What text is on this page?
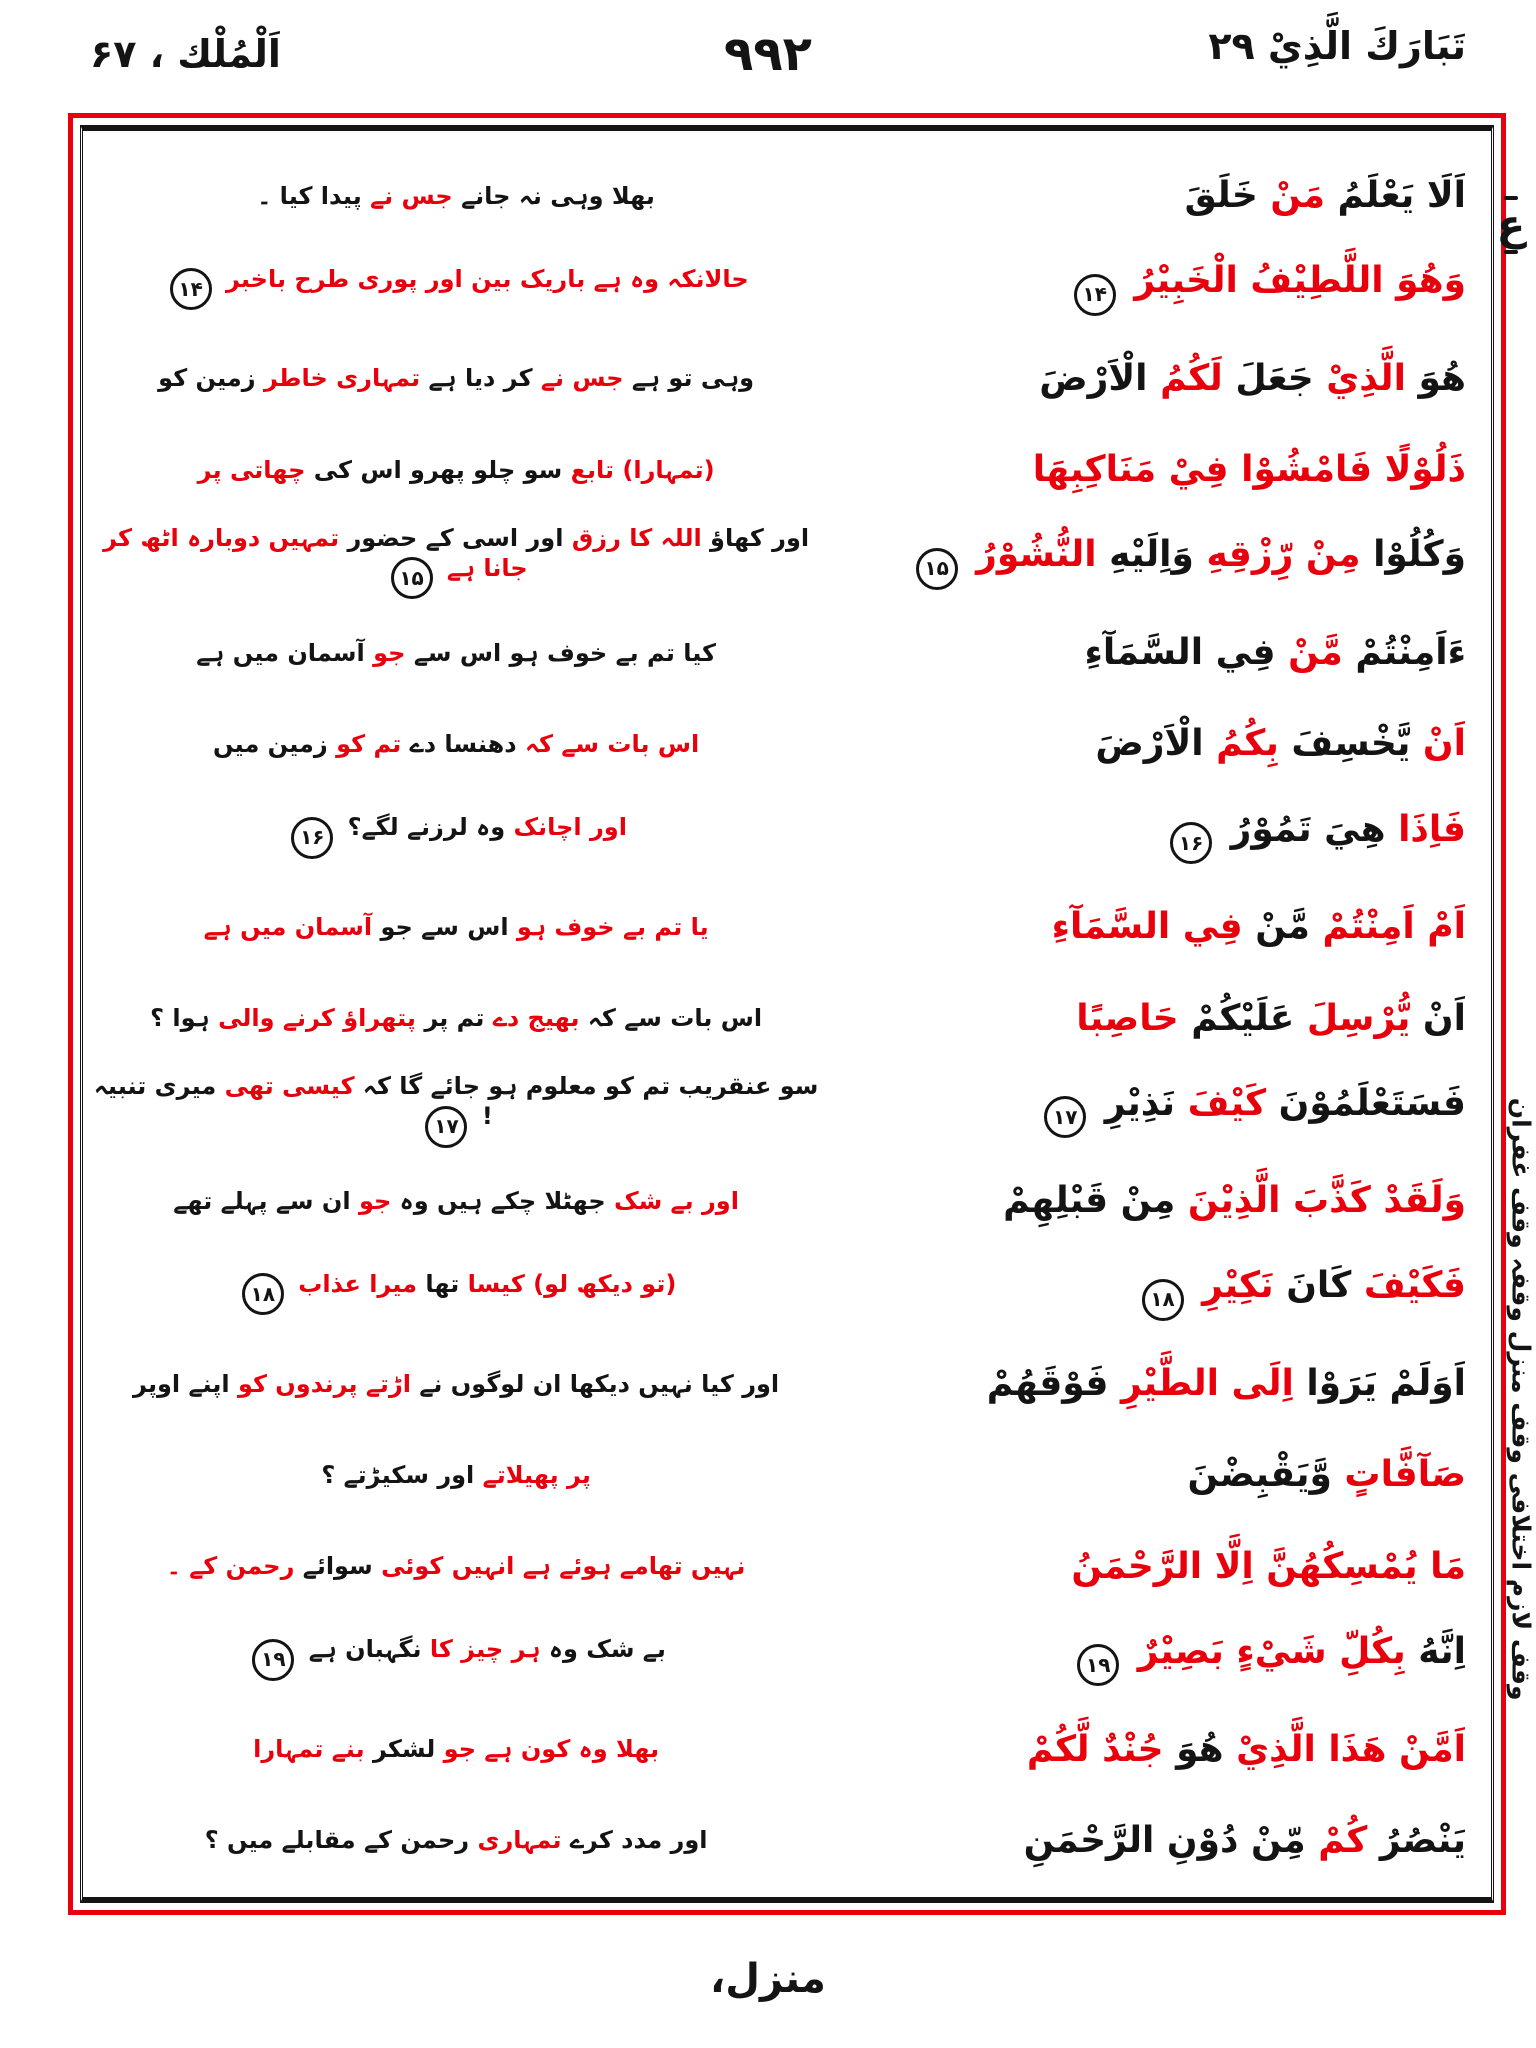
اَلْمُلْك ، ۶۷	۹۹۲	تَبَارَكَ الَّذِيْ ۲۹
اَلَا يَعْلَمُ مَنْ خَلَقَ
بھلا وہی نہ جانے جس نے پیدا کیا ۔
وَهُوَ اللَّطِيْفُ الْخَبِيْرُ ۱۴
حالانکہ وہ ہے باریک بین اور پوری طرح باخبر ۱۴
هُوَ الَّذِيْ جَعَلَ لَكُمُ الْاَرْضَ
وہی تو ہے جس نے کر دیا ہے تمہاری خاطر زمین کو
ذَلُوْلًا فَامْشُوْا فِيْ مَنَاكِبِهَا
(تمہارا) تابع سو چلو پھرو اس کی چھاتی پر
وَكُلُوْا مِنْ رِّزْقِهِ وَاِلَيْهِ النُّشُوْرُ ۱۵
اور کھاؤ اللہ کا رزق اور اسی کے حضور تمہیں دوبارہ اٹھ کر جانا ہے ۱۵
ءَاَمِنْتُمْ مَّنْ فِي السَّمَآءِ
کیا تم بے خوف ہو اس سے جو آسمان میں ہے
اَنْ يَّخْسِفَ بِكُمُ الْاَرْضَ
اس بات سے کہ دھنسا دے تم کو زمین میں
فَاِذَا هِيَ تَمُوْرُ ۱۶
اور اچانک وہ لرزنے لگے؟ ۱۶
اَمْ اَمِنْتُمْ مَّنْ فِي السَّمَآءِ
یا تم بے خوف ہو اس سے جو آسمان میں ہے
اَنْ يُّرْسِلَ عَلَيْكُمْ حَاصِبًا
اس بات سے کہ بھیج دے تم پر پتھراؤ کرنے والی ہوا ؟
فَسَتَعْلَمُوْنَ كَيْفَ نَذِيْرِ ۱۷
سو عنقریب تم کو معلوم ہو جائے گا کہ کیسی تھی میری تنبیہ ! ۱۷
وَلَقَدْ كَذَّبَ الَّذِيْنَ مِنْ قَبْلِهِمْ
اور بے شک جھٹلا چکے ہیں وہ جو ان سے پہلے تھے
فَكَيْفَ كَانَ نَكِيْرِ ۱۸
(تو دیکھ لو) کیسا تھا میرا عذاب ۱۸
اَوَلَمْ يَرَوْا اِلَى الطَّيْرِ فَوْقَهُمْ
اور کیا نہیں دیکھا ان لوگوں نے اڑتے پرندوں کو اپنے اوپر
صَآفَّاتٍ وَّيَقْبِضْنَ
پر پھیلاتے اور سکیڑتے ؟
مَا يُمْسِكُهُنَّ اِلَّا الرَّحْمَنُ
نہیں تھامے ہوئے ہے انہیں کوئی سوائے رحمن کے ۔
اِنَّهُ بِكُلِّ شَيْءٍ بَصِيْرٌ ۱۹
بے شک وہ ہر چیز کا نگہبان ہے ۱۹
اَمَّنْ هَذَا الَّذِيْ هُوَ جُنْدٌ لَّكُمْ
بھلا وہ کون ہے جو لشکر بنے تمہارا
يَنْصُرُ كُمْ مِّنْ دُوْنِ الرَّحْمَنِ
اور مدد کرے تمہاری رحمن کے مقابلے میں ؟
ع
وقف لازم اختلافی وقف منزل وقفہ وقف غفران
منزل،
